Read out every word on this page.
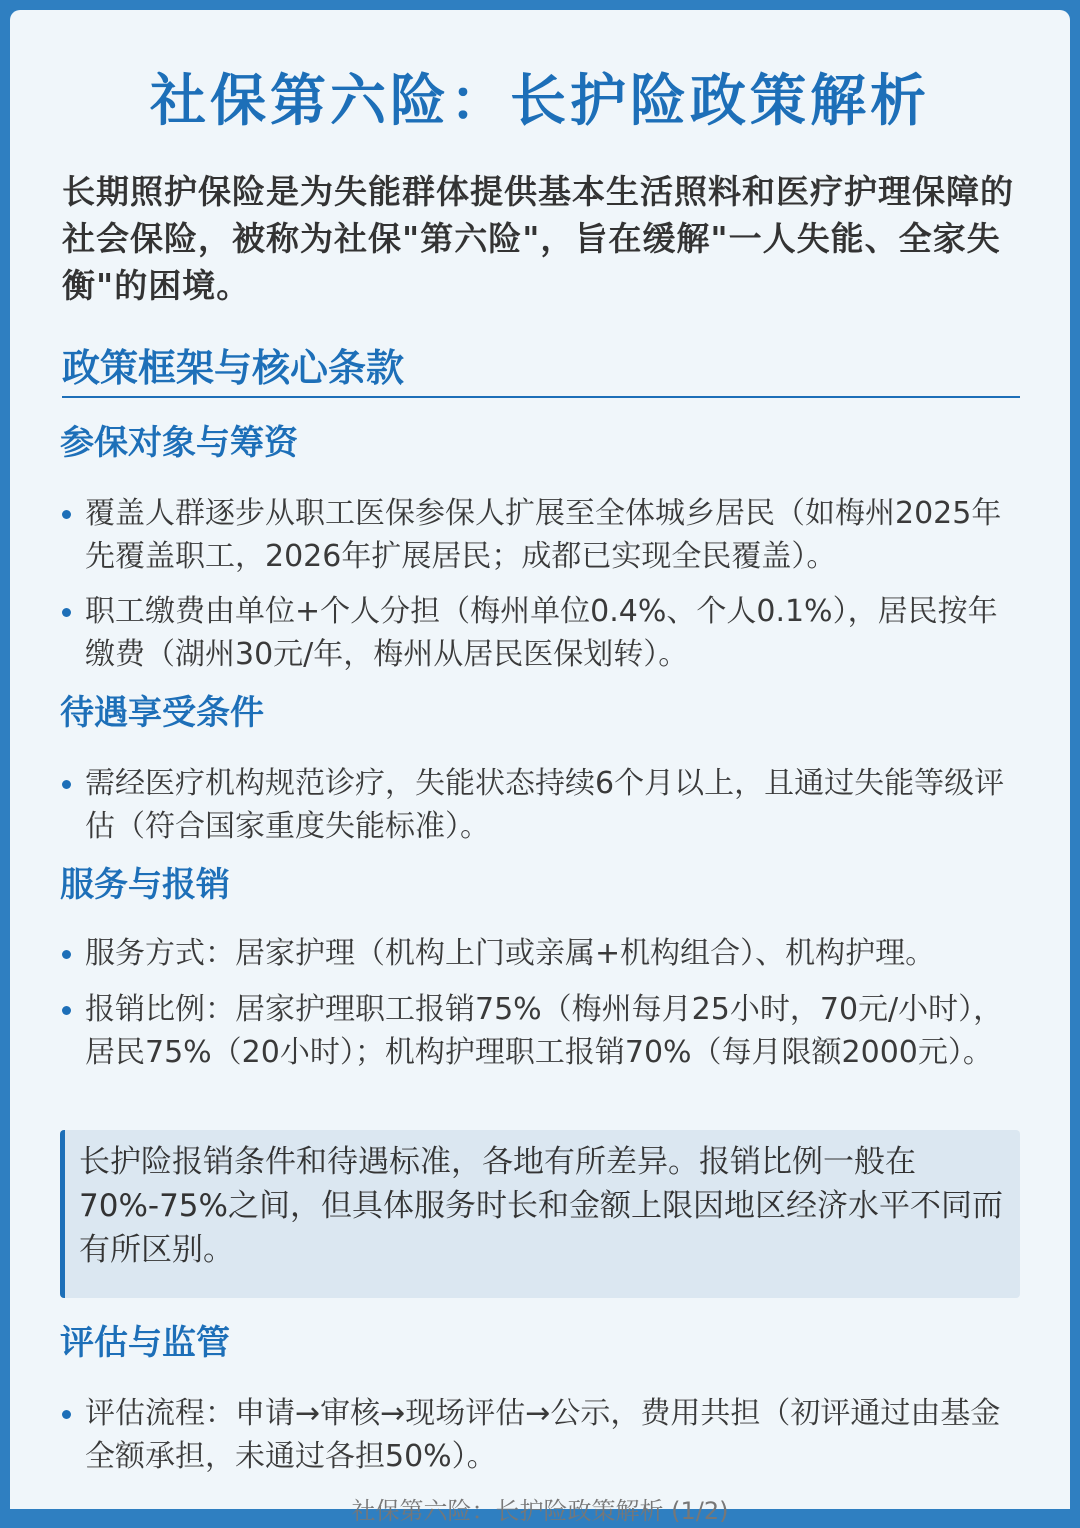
社保第六险：长护险政策解析

长期照护保险是为失能群体提供基本生活照料和医疗护理保障的社会保险，被称为社保"第六险"，旨在缓解"一人失能、全家失衡"的困境。

政策框架与核心条款
参保对象与筹资
覆盖人群逐步从职工医保参保人扩展至全体城乡居民（如梅州2025年先覆盖职工，2026年扩展居民；成都已实现全民覆盖）。
职工缴费由单位+个人分担（梅州单位0.4%、个人0.1%），居民按年缴费（湖州30元/年，梅州从居民医保划转）。
待遇享受条件
需经医疗机构规范诊疗，失能状态持续6个月以上，且通过失能等级评估（符合国家重度失能标准）。
服务与报销
服务方式：居家护理（机构上门或亲属+机构组合）、机构护理。
报销比例：居家护理职工报销75%（梅州每月25小时，70元/小时），居民75%（20小时）；机构护理职工报销70%（每月限额2000元）。

长护险报销条件和待遇标准，各地有所差异。报销比例一般在70%-75%之间，但具体服务时长和金额上限因地区经济水平不同而有所区别。

评估与监管
评估流程：申请→审核→现场评估→公示，费用共担（初评通过由基金全额承担，未通过各担50%）。
社保第六险：长护险政策解析 (1/2)
